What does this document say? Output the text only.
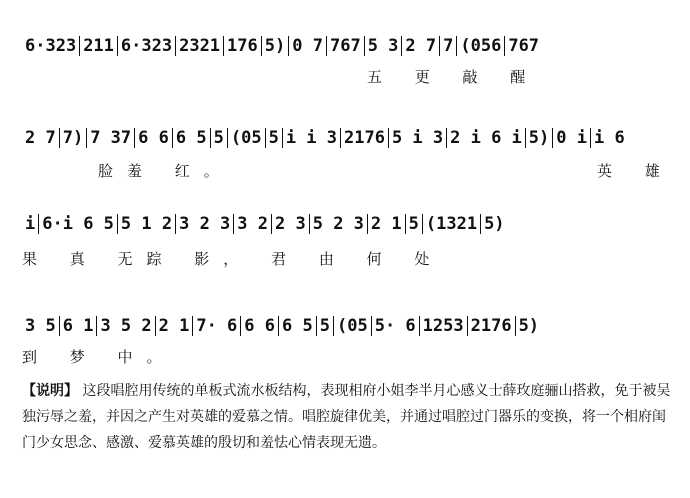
6·323 211 6·323 2321 176 5) 0 7 767 5 3 2 7 7 (056 767
五 更 敲 醒
2 7 7) 7 37 6 6 6 5 5 (05 5 i i 3 2176 5 i 3 2 i 6 i 5) 0 i i 6
脸羞 红。	英 雄
i 6·i 6 5 5 1 2 3 2 3 3 2 2 3 5 2 3 2 1 5 (1321 5)
果 真 无踪 影， 君 由 何 处
3 5 6 1 3 5 2 2 1 7· 6 6 6 6 5 5 (05 5· 6 1253 2176 5)
到 梦 中。
【说明】 这段唱腔用传统的单板式流水板结构，表现相府小姐李半月心感义士薛玫庭骊山搭救，免于被吴独污辱之羞，并因之产生对英雄的爱慕之情。唱腔旋律优美，并通过唱腔过门器乐的变换，将一个相府闺门少女思念、感激、爱慕英雄的殷切和羞怯心情表现无遗。
